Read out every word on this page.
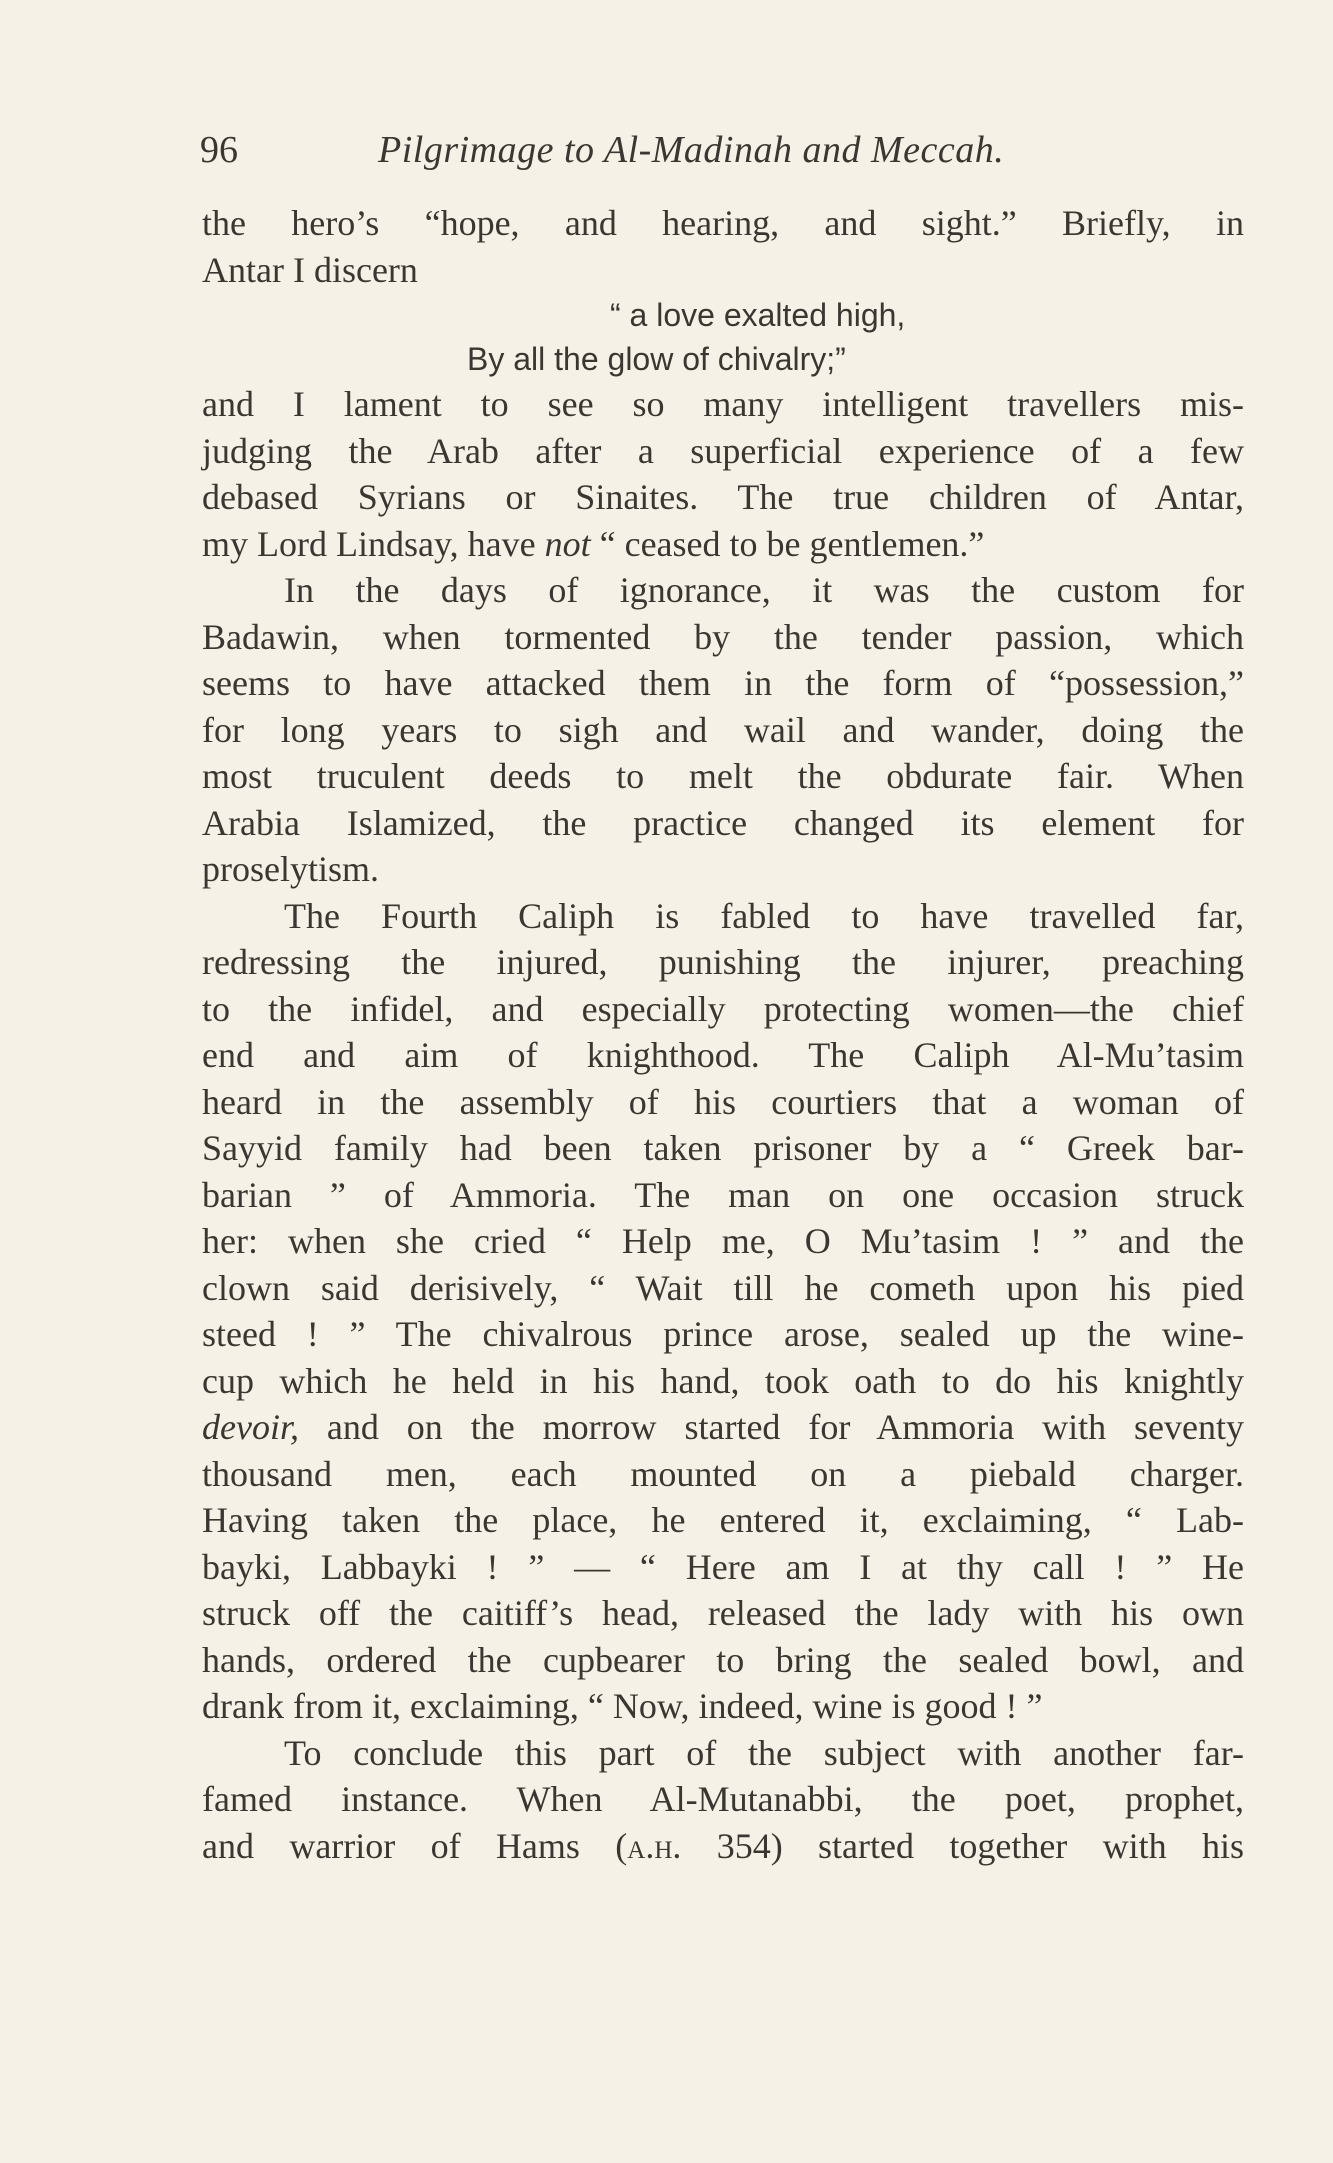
96	Pilgrimage to Al-Madinah and Meccah.
the hero’s “hope, and hearing, and sight.” Briefly, in
Antar I discern
“ a love exalted high,
By all the glow of chivalry;”
and I lament to see so many intelligent travellers mis-
judging the Arab after a superficial experience of a few
debased Syrians or Sinaites. The true children of Antar,
my Lord Lindsay, have not “ ceased to be gentlemen.”
In the days of ignorance, it was the custom for
Badawin, when tormented by the tender passion, which
seems to have attacked them in the form of “possession,”
for long years to sigh and wail and wander, doing the
most truculent deeds to melt the obdurate fair. When
Arabia Islamized, the practice changed its element for
proselytism.
The Fourth Caliph is fabled to have travelled far,
redressing the injured, punishing the injurer, preaching
to the infidel, and especially protecting women—the chief
end and aim of knighthood. The Caliph Al-Mu’tasim
heard in the assembly of his courtiers that a woman of
Sayyid family had been taken prisoner by a “ Greek bar-
barian ” of Ammoria. The man on one occasion struck
her: when she cried “ Help me, O Mu’tasim ! ” and the
clown said derisively, “ Wait till he cometh upon his pied
steed ! ” The chivalrous prince arose, sealed up the wine-
cup which he held in his hand, took oath to do his knightly
devoir, and on the morrow started for Ammoria with seventy
thousand men, each mounted on a piebald charger.
Having taken the place, he entered it, exclaiming, “ Lab-
bayki, Labbayki ! ” — “ Here am I at thy call ! ” He
struck off the caitiff’s head, released the lady with his own
hands, ordered the cupbearer to bring the sealed bowl, and
drank from it, exclaiming, “ Now, indeed, wine is good ! ”
To conclude this part of the subject with another far-
famed instance. When Al-Mutanabbi, the poet, prophet,
and warrior of Hams (a.h. 354) started together with his
